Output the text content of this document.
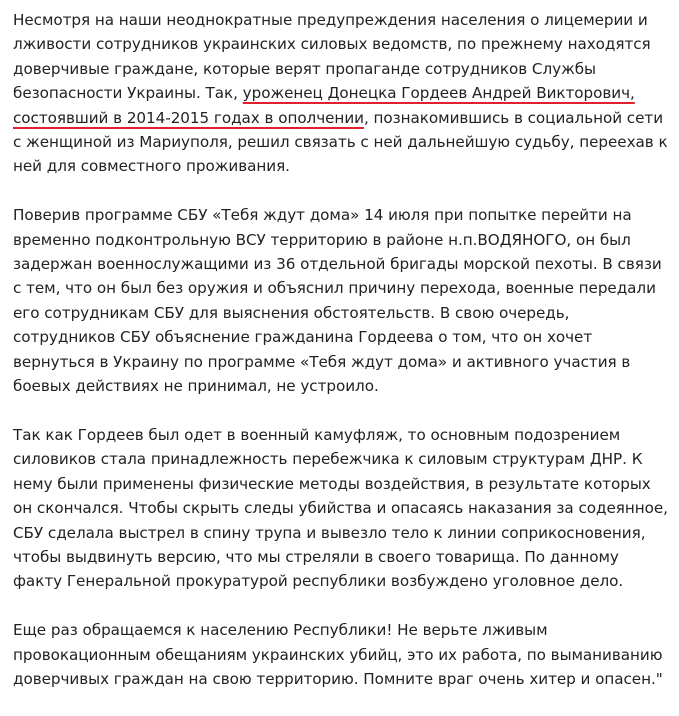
Несмотря на наши неоднократные предупреждения населения о лицемерии и лживости сотрудников украинских силовых ведомств, по прежнему находятся доверчивые граждане, которые верят пропаганде сотрудников Службы безопасности Украины. Так, уроженец Донецка Гордеев Андрей Викторович, состоявший в 2014-2015 годах в ополчении, познакомившись в социальной сети с женщиной из Мариуполя, решил связать с ней дальнейшую судьбу, переехав к ней для совместного проживания.

Поверив программе СБУ «Тебя ждут дома» 14 июля при попытке перейти на временно подконтрольную ВСУ территорию в районе н.п.ВОДЯНОГО, он был задержан военнослужащими из 36 отдельной бригады морской пехоты. В связи с тем, что он был без оружия и объяснил причину перехода, военные передали его сотрудникам СБУ для выяснения обстоятельств. В свою очередь, сотрудников СБУ объяснение гражданина Гордеева о том, что он хочет вернуться в Украину по программе «Тебя ждут дома» и активного участия в боевых действиях не принимал, не устроило.

Так как Гордеев был одет в военный камуфляж, то основным подозрением силовиков стала принадлежность перебежчика к силовым структурам ДНР. К нему были применены физические методы воздействия, в результате которых он скончался. Чтобы скрыть следы убийства и опасаясь наказания за содеянное, СБУ сделала выстрел в спину трупа и вывезло тело к линии соприкосновения, чтобы выдвинуть версию, что мы стреляли в своего товарища. По данному факту Генеральной прокуратурой республики возбуждено уголовное дело.

Еще раз обращаемся к населению Республики! Не верьте лживым провокационным обещаниям украинских убийц, это их работа, по выманиванию доверчивых граждан на свою территорию. Помните враг очень хитер и опасен."
